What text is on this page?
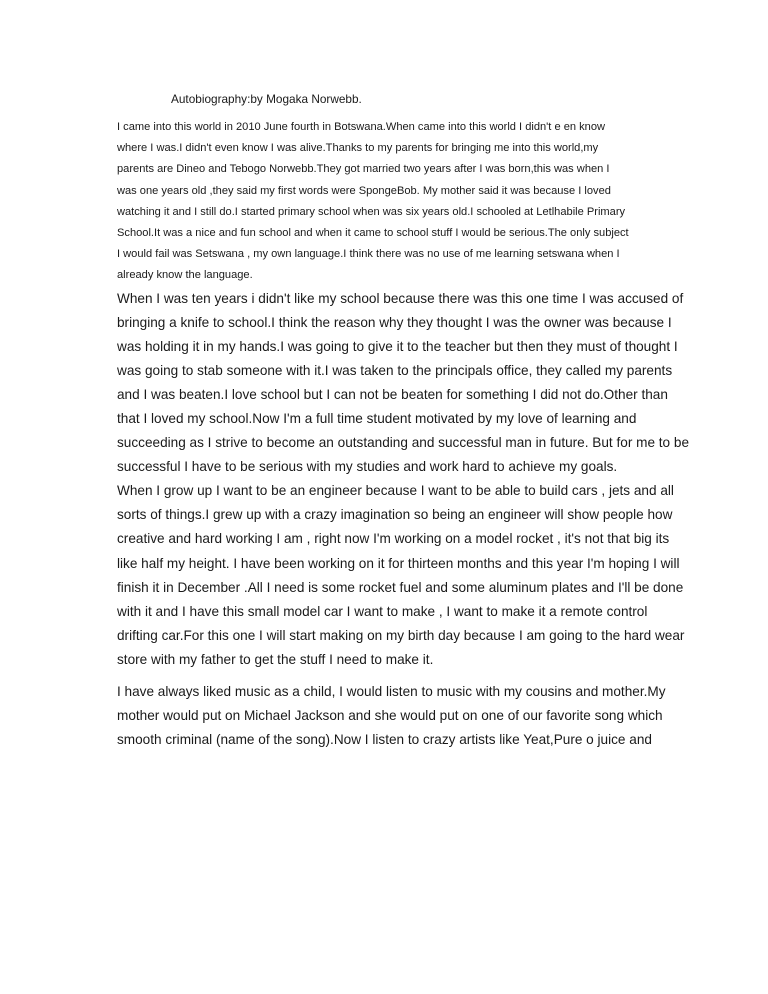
Autobiography:by Mogaka Norwebb.
I came into this world in 2010 June fourth in Botswana.When came into this world I didn't e en know
where I was.I didn't even know I was alive.Thanks to my parents for bringing me into this world,my
parents are Dineo and Tebogo Norwebb.They got married two years after I was born,this was when I
was one years old ,they said my first words were SpongeBob. My mother said it was because I loved
watching it and I still do.I started primary school when was six years old.I schooled at Letlhabile Primary
School.It was a nice and fun school and when it came to school stuff I would be serious.The only subject
I would fail was Setswana , my own language.I think there was no use of me learning setswana when I
already know the language.
When I was ten years i didn't like my school because there was this one time I was accused of
bringing a knife to school.I think the reason why they thought I was the owner was because I
was holding it in my hands.I was going to give it to the teacher but then they must of thought I
was going to stab someone with it.I was taken to the principals office, they called my parents
and I was beaten.I love school but I can not be beaten for something I did not do.Other than
that I loved my school.Now I'm a full time student motivated by my love of learning and
succeeding as I strive to become an outstanding and successful man in future. But for me to be
successful I have to be serious with my studies and work hard to achieve my goals.
When I grow up I want to be an engineer because I want to be able to build cars , jets and all
sorts of things.I grew up with a crazy imagination so being an engineer will show people how
creative and hard working I am , right now I'm working on a model rocket , it's not that big its
like half my height. I have been working on it for thirteen months and this year I'm hoping I will
finish it in December .All I need is some rocket fuel and some aluminum plates and I'll be done
with it and I have this small model car I want to make , I want to make it a remote control
drifting car.For this one I will start making on my birth day because I am going to the hard wear
store with my father to get the stuff I need to make it.
I have always liked music as a child, I would listen to music with my cousins and mother.My
mother would put on Michael Jackson and she would put on one of our favorite song which
smooth criminal (name of the song).Now I listen to crazy artists like Yeat,Pure o juice and
